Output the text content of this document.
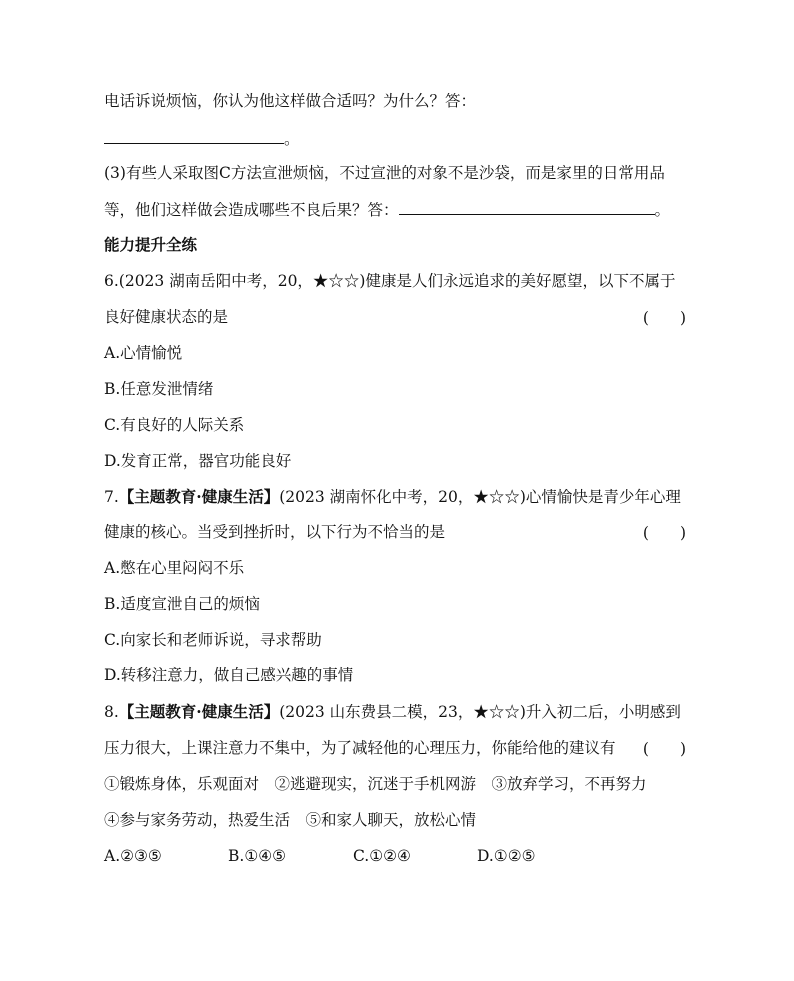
电话诉说烦恼，你认为他这样做合适吗？为什么？答：
。
(3)有些人采取图C方法宣泄烦恼，不过宣泄的对象不是沙袋，而是家里的日常用品
等，他们这样做会造成哪些不良后果？答：	。
能力提升全练
6.(2023 湖南岳阳中考，20，★☆☆)健康是人们永远追求的美好愿望，以下不属于
良好健康状态的是	(　　)
A.心情愉悦
B.任意发泄情绪
C.有良好的人际关系
D.发育正常，器官功能良好
7.【主题教育·健康生活】(2023 湖南怀化中考，20，★☆☆)心情愉快是青少年心理
健康的核心。当受到挫折时，以下行为不恰当的是	(　　)
A.憋在心里闷闷不乐
B.适度宣泄自己的烦恼
C.向家长和老师诉说，寻求帮助
D.转移注意力，做自己感兴趣的事情
8.【主题教育·健康生活】(2023 山东费县二模，23，★☆☆)升入初二后，小明感到
压力很大，上课注意力不集中，为了减轻他的心理压力，你能给他的建议有 (　　)
①锻炼身体，乐观面对　②逃避现实，沉迷于手机网游　③放弃学习，不再努力
④参与家务劳动，热爱生活　⑤和家人聊天，放松心情
A.②③⑤	B.①④⑤	C.①②④	D.①②⑤
